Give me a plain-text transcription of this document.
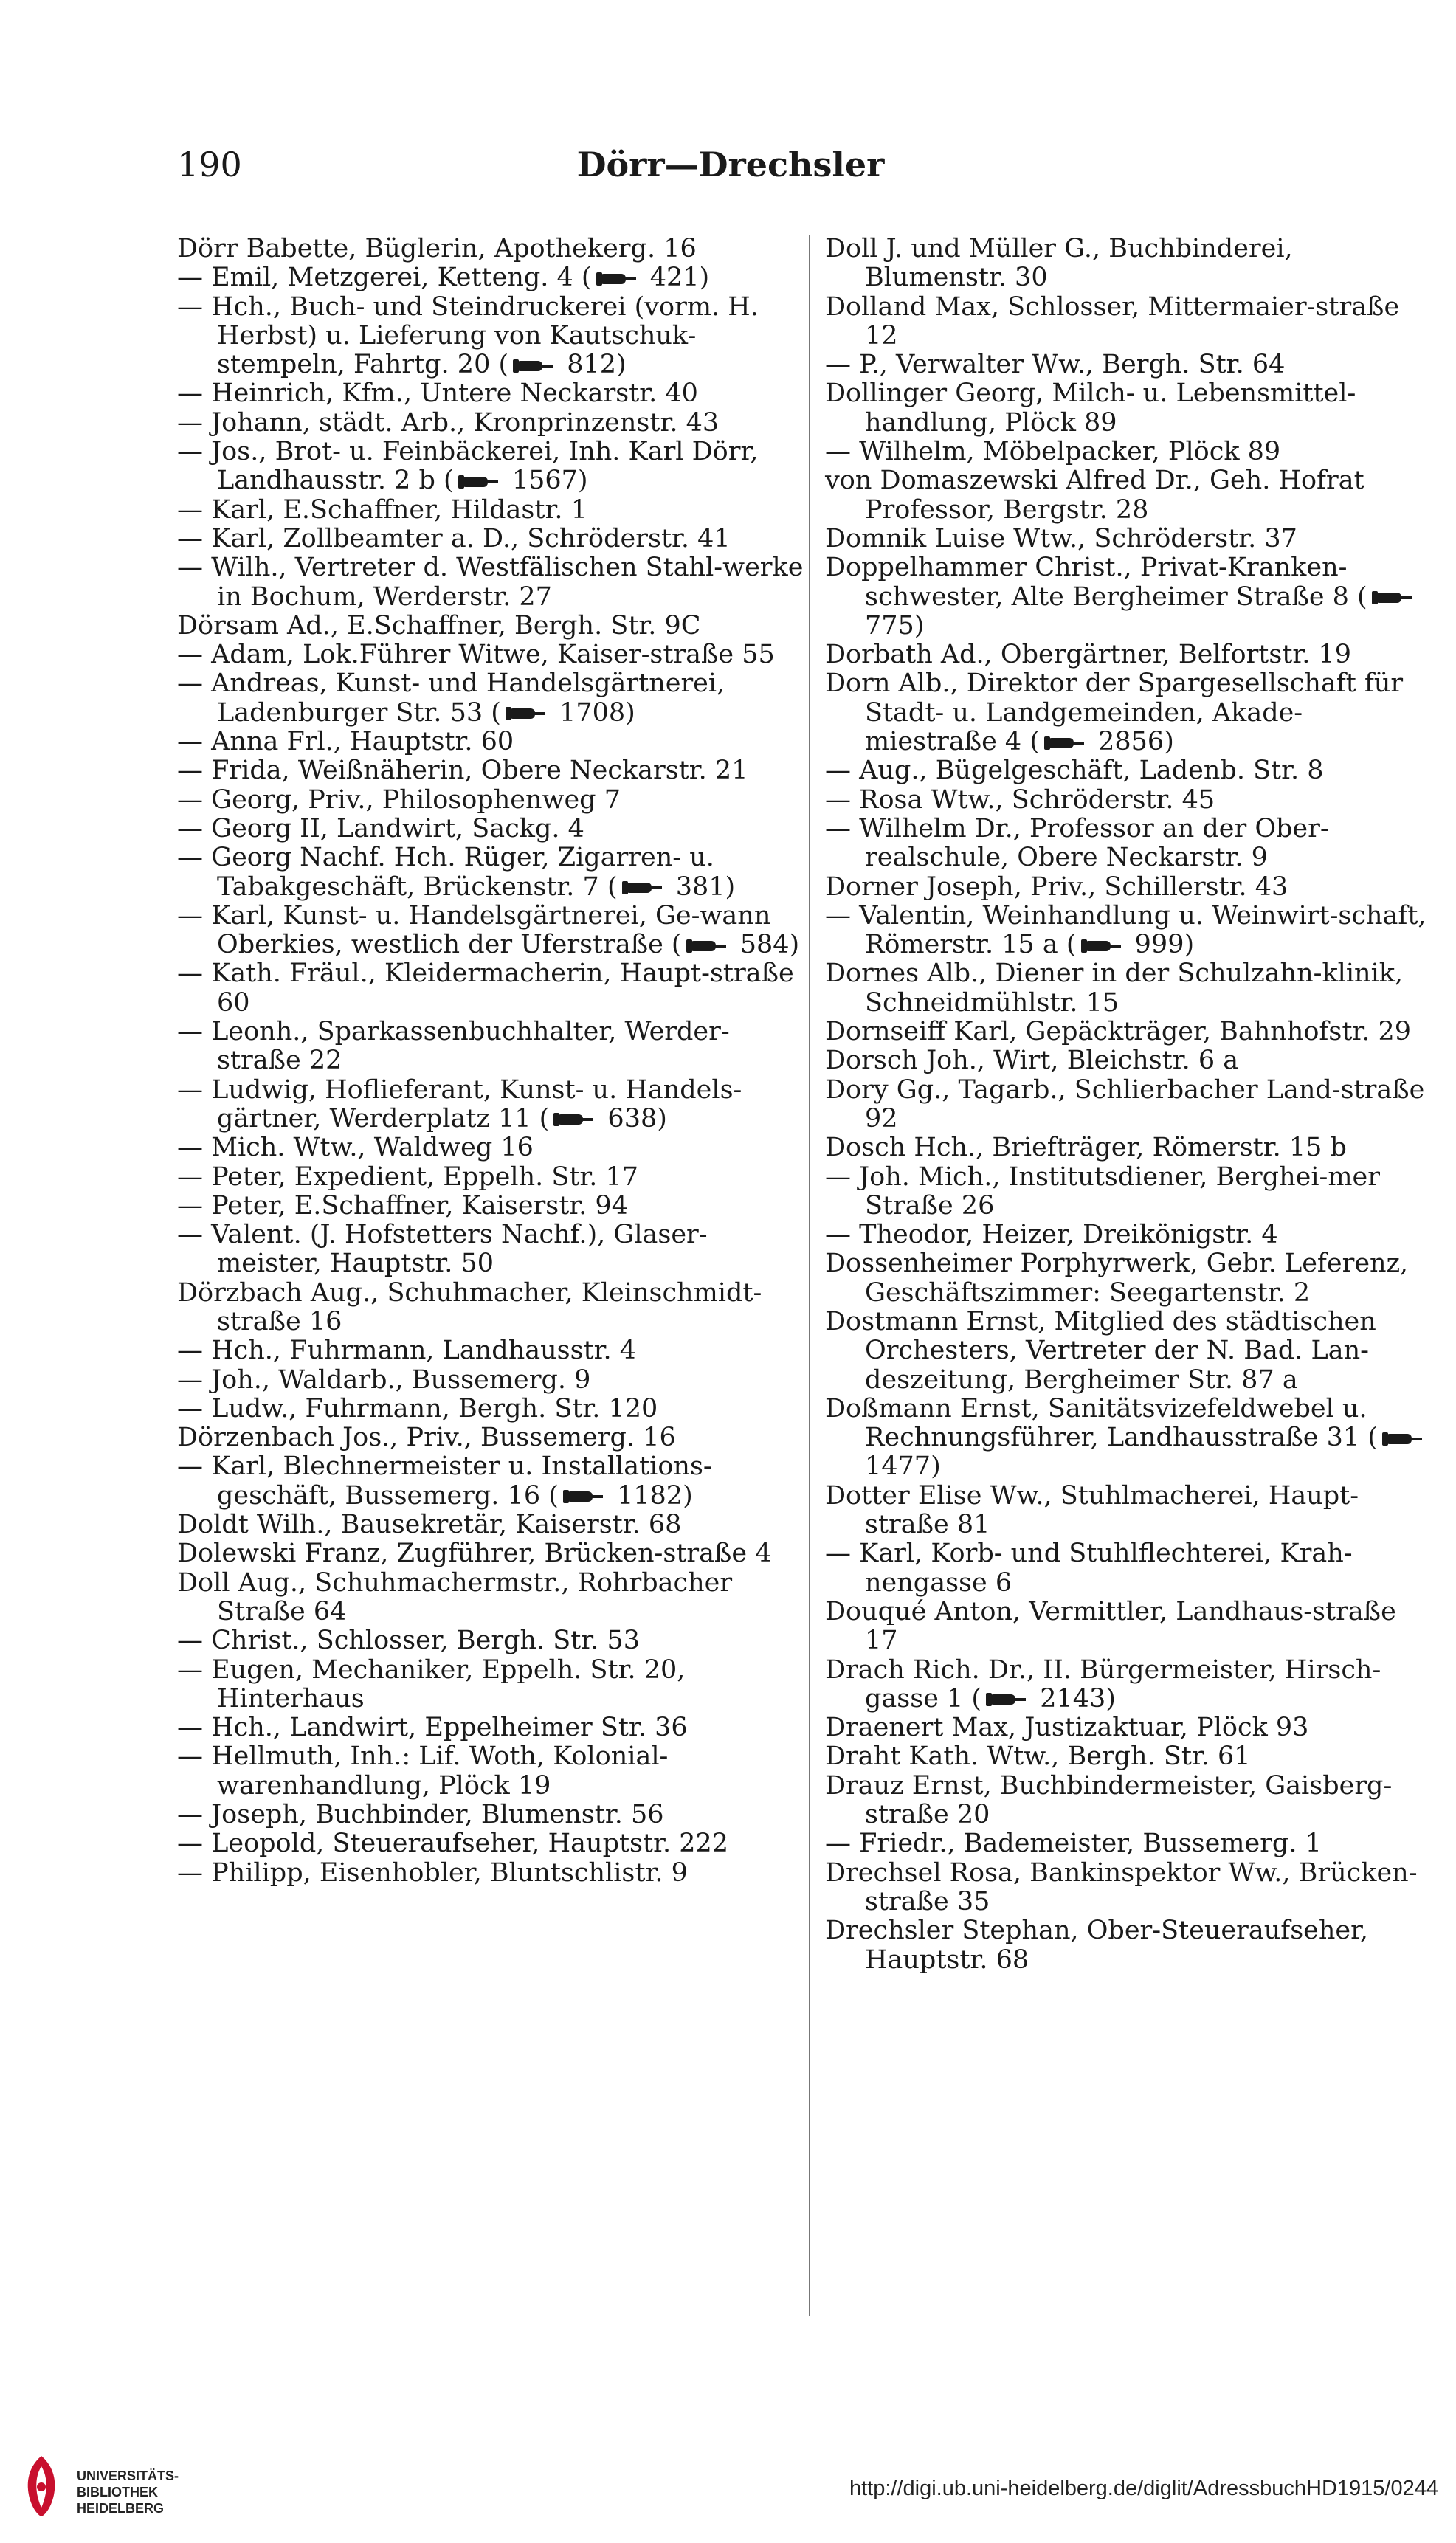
190	Dörr—Drechsler

Dörr Babette, Büglerin, Apothekerg. 16

— Emil, Metzgerei, Ketteng. 4 ( 421)

— Hch., Buch- und Steindruckerei (vorm. H. Herbst) u. Lieferung von Kautschuk-stempeln, Fahrtg. 20 ( 812)

— Heinrich, Kfm., Untere Neckarstr. 40

— Johann, städt. Arb., Kronprinzenstr. 43

— Jos., Brot- u. Feinbäckerei, Inh. Karl Dörr, Landhausstr. 2 b ( 1567)

— Karl, E.Schaffner, Hildastr. 1

— Karl, Zollbeamter a. D., Schröderstr. 41

— Wilh., Vertreter d. Westfälischen Stahl-werke in Bochum, Werderstr. 27

Dörsam Ad., E.Schaffner, Bergh. Str. 9C

— Adam, Lok.Führer Witwe, Kaiser-straße 55

— Andreas, Kunst- und Handelsgärtnerei, Ladenburger Str. 53 ( 1708)

— Anna Frl., Hauptstr. 60

— Frida, Weißnäherin, Obere Neckarstr. 21

— Georg, Priv., Philosophenweg 7

— Georg II, Landwirt, Sackg. 4

— Georg Nachf. Hch. Rüger, Zigarren- u. Tabakgeschäft, Brückenstr. 7 ( 381)

— Karl, Kunst- u. Handelsgärtnerei, Ge-wann Oberkies, westlich der Uferstraße ( 584)

— Kath. Fräul., Kleidermacherin, Haupt-straße 60

— Leonh., Sparkassenbuchhalter, Werder-straße 22

— Ludwig, Hoflieferant, Kunst- u. Handels-gärtner, Werderplatz 11 ( 638)

— Mich. Wtw., Waldweg 16

— Peter, Expedient, Eppelh. Str. 17

— Peter, E.Schaffner, Kaiserstr. 94

— Valent. (J. Hofstetters Nachf.), Glaser-meister, Hauptstr. 50

Dörzbach Aug., Schuhmacher, Kleinschmidt-straße 16

— Hch., Fuhrmann, Landhausstr. 4

— Joh., Waldarb., Bussemerg. 9

— Ludw., Fuhrmann, Bergh. Str. 120

Dörzenbach Jos., Priv., Bussemerg. 16

— Karl, Blechnermeister u. Installations-geschäft, Bussemerg. 16 ( 1182)

Doldt Wilh., Bausekretär, Kaiserstr. 68

Dolewski Franz, Zugführer, Brücken-straße 4

Doll Aug., Schuhmachermstr., Rohrbacher Straße 64

— Christ., Schlosser, Bergh. Str. 53

— Eugen, Mechaniker, Eppelh. Str. 20, Hinterhaus

— Hch., Landwirt, Eppelheimer Str. 36

— Hellmuth, Inh.: Lif. Woth, Kolonial-warenhandlung, Plöck 19

— Joseph, Buchbinder, Blumenstr. 56

— Leopold, Steueraufseher, Hauptstr. 222

— Philipp, Eisenhobler, Bluntschlistr. 9

Doll J. und Müller G., Buchbinderei, Blumenstr. 30

Dolland Max, Schlosser, Mittermaier-straße 12

— P., Verwalter Ww., Bergh. Str. 64

Dollinger Georg, Milch- u. Lebensmittel-handlung, Plöck 89

— Wilhelm, Möbelpacker, Plöck 89

von Domaszewski Alfred Dr., Geh. Hofrat Professor, Bergstr. 28

Domnik Luise Wtw., Schröderstr. 37

Doppelhammer Christ., Privat-Kranken-schwester, Alte Bergheimer Straße 8 ( 775)

Dorbath Ad., Obergärtner, Belfortstr. 19

Dorn Alb., Direktor der Spargesellschaft für Stadt- u. Landgemeinden, Akade-miestraße 4 ( 2856)

— Aug., Bügelgeschäft, Ladenb. Str. 8

— Rosa Wtw., Schröderstr. 45

— Wilhelm Dr., Professor an der Ober-realschule, Obere Neckarstr. 9

Dorner Joseph, Priv., Schillerstr. 43

— Valentin, Weinhandlung u. Weinwirt-schaft, Römerstr. 15 a ( 999)

Dornes Alb., Diener in der Schulzahn-klinik, Schneidmühlstr. 15

Dornseiff Karl, Gepäckträger, Bahnhofstr. 29

Dorsch Joh., Wirt, Bleichstr. 6 a

Dory Gg., Tagarb., Schlierbacher Land-straße 92

Dosch Hch., Briefträger, Römerstr. 15 b

— Joh. Mich., Institutsdiener, Berghei-mer Straße 26

— Theodor, Heizer, Dreikönigstr. 4

Dossenheimer Porphyrwerk, Gebr. Leferenz, Geschäftszimmer: Seegartenstr. 2

Dostmann Ernst, Mitglied des städtischen Orchesters, Vertreter der N. Bad. Lan-deszeitung, Bergheimer Str. 87 a

Doßmann Ernst, Sanitätsvizefeldwebel u. Rechnungsführer, Landhausstraße 31 ( 1477)

Dotter Elise Ww., Stuhlmacherei, Haupt-straße 81

— Karl, Korb- und Stuhlflechterei, Krah-nengasse 6

Douqué Anton, Vermittler, Landhaus-straße 17

Drach Rich. Dr., II. Bürgermeister, Hirsch-gasse 1 ( 2143)

Draenert Max, Justizaktuar, Plöck 93

Draht Kath. Wtw., Bergh. Str. 61

Drauz Ernst, Buchbindermeister, Gaisberg-straße 20

— Friedr., Bademeister, Bussemerg. 1

Drechsel Rosa, Bankinspektor Ww., Brücken-straße 35

Drechsler Stephan, Ober-Steueraufseher, Hauptstr. 68

UNIVERSITÄTS-
BIBLIOTHEK
HEIDELBERG
http://digi.ub.uni-heidelberg.de/diglit/AdressbuchHD1915/0244
